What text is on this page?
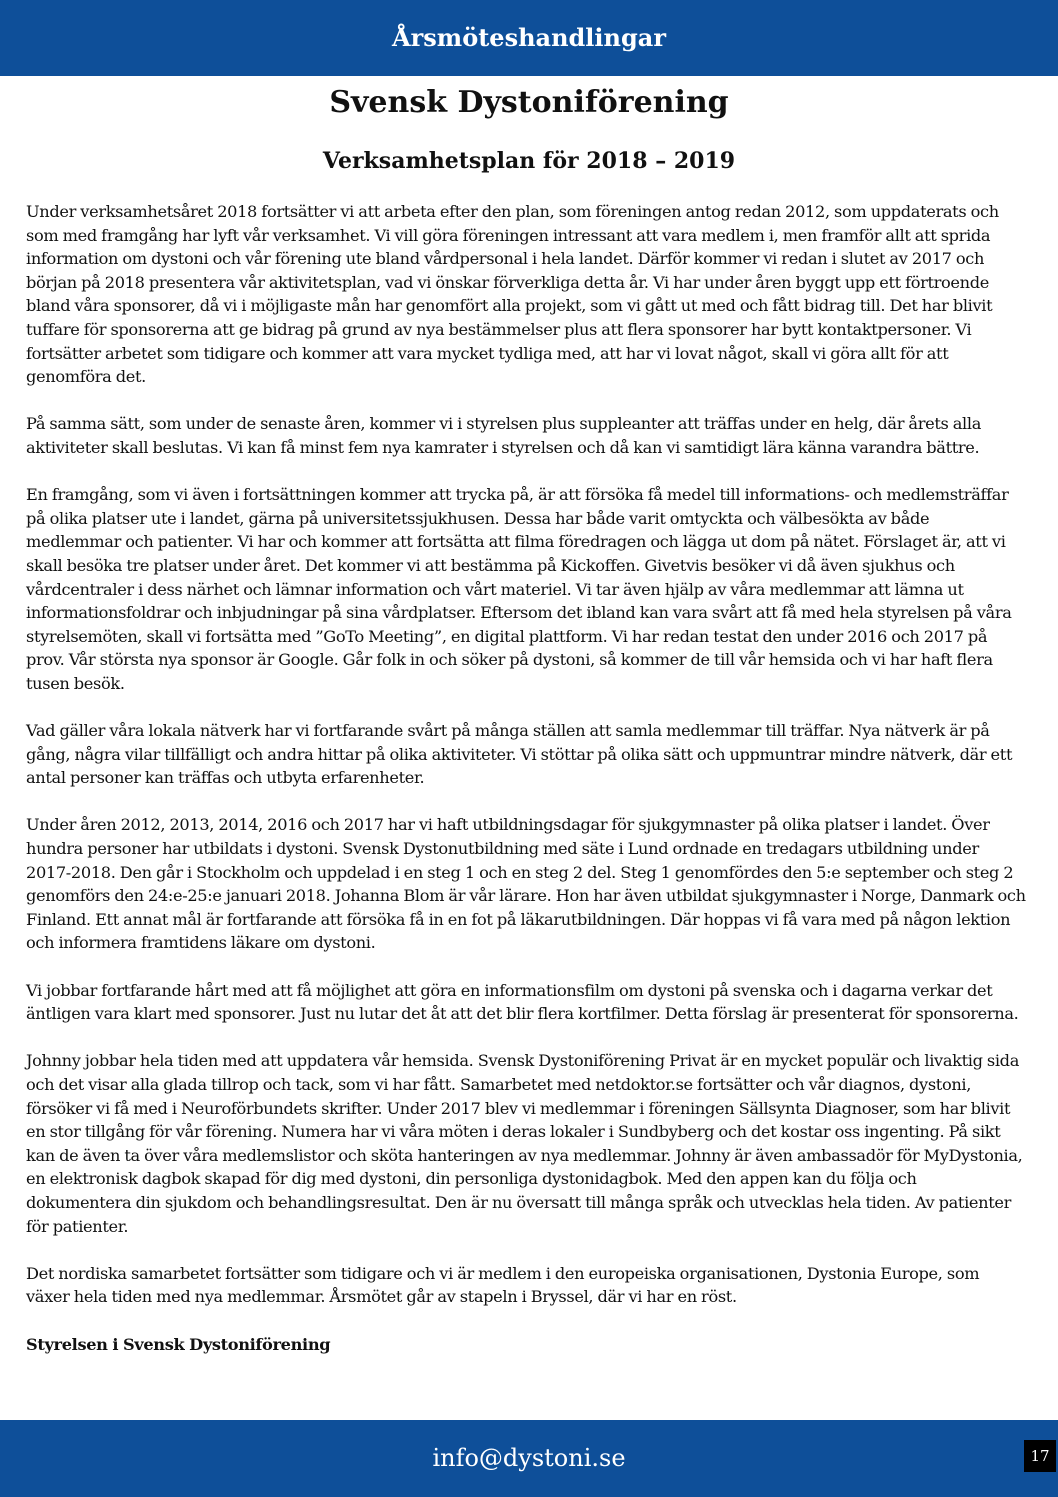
Årsmöteshandlingar
Svensk Dystoniförening
Verksamhetsplan för 2018 – 2019

Under verksamhetsåret 2018 fortsätter vi att arbeta efter den plan, som föreningen antog redan 2012, som uppdaterats och som med framgång har lyft vår verksamhet. Vi vill göra föreningen intressant att vara medlem i, men framför allt att sprida information om dystoni och vår förening ute bland vårdpersonal i hela landet. Därför kommer vi redan i slutet av 2017 och början på 2018 presentera vår aktivitetsplan, vad vi önskar förverkliga detta år. Vi har under åren byggt upp ett förtroende bland våra sponsorer, då vi i möjligaste mån har genomfört alla projekt, som vi gått ut med och fått bidrag till. Det har blivit tuffare för sponsorerna att ge bidrag på grund av nya bestämmelser plus att flera sponsorer har bytt kontaktpersoner. Vi fortsätter arbetet som tidigare och kommer att vara mycket tydliga med, att har vi lovat något, skall vi göra allt för att genomföra det.

På samma sätt, som under de senaste åren, kommer vi i styrelsen plus suppleanter att träffas under en helg, där årets alla aktiviteter skall beslutas. Vi kan få minst fem nya kamrater i styrelsen och då kan vi samtidigt lära känna varandra bättre.

En framgång, som vi även i fortsättningen kommer att trycka på, är att försöka få medel till informations- och medlemsträffar på olika platser ute i landet, gärna på universitetssjukhusen. Dessa har både varit omtyckta och välbesökta av både medlemmar och patienter. Vi har och kommer att fortsätta att filma föredragen och lägga ut dom på nätet. Förslaget är, att vi skall besöka tre platser under året. Det kommer vi att bestämma på Kickoffen. Givetvis besöker vi då även sjukhus och vårdcentraler i dess närhet och lämnar information och vårt materiel. Vi tar även hjälp av våra medlemmar att lämna ut informationsfoldrar och inbjudningar på sina vårdplatser. Eftersom det ibland kan vara svårt att få med hela styrelsen på våra styrelsemöten, skall vi fortsätta med ”GoTo Meeting”, en digital plattform. Vi har redan testat den under 2016 och 2017 på prov. Vår största nya sponsor är Google. Går folk in och söker på dystoni, så kommer de till vår hemsida och vi har haft flera tusen besök.

Vad gäller våra lokala nätverk har vi fortfarande svårt på många ställen att samla medlemmar till träffar. Nya nätverk är på gång, några vilar tillfälligt och andra hittar på olika aktiviteter. Vi stöttar på olika sätt och uppmuntrar mindre nätverk, där ett antal personer kan träffas och utbyta erfarenheter.

Under åren 2012, 2013, 2014, 2016 och 2017 har vi haft utbildningsdagar för sjukgymnaster på olika platser i landet. Över hundra personer har utbildats i dystoni. Svensk Dystonutbildning med säte i Lund ordnade en tredagars utbildning under 2017-2018. Den går i Stockholm och uppdelad i en steg 1 och en steg 2 del. Steg 1 genomfördes den 5:e september och steg 2 genomförs den 24:e-25:e januari 2018. Johanna Blom är vår lärare. Hon har även utbildat sjukgymnaster i Norge, Danmark och Finland. Ett annat mål är fortfarande att försöka få in en fot på läkarutbildningen. Där hoppas vi få vara med på någon lektion och informera framtidens läkare om dystoni.

Vi jobbar fortfarande hårt med att få möjlighet att göra en informationsfilm om dystoni på svenska och i dagarna verkar det äntligen vara klart med sponsorer. Just nu lutar det åt att det blir flera kortfilmer. Detta förslag är presenterat för sponsorerna.

Johnny jobbar hela tiden med att uppdatera vår hemsida. Svensk Dystoniförening Privat är en mycket populär och livaktig sida och det visar alla glada tillrop och tack, som vi har fått. Samarbetet med netdoktor.se fortsätter och vår diagnos, dystoni, försöker vi få med i Neuroförbundets skrifter. Under 2017 blev vi medlemmar i föreningen Sällsynta Diagnoser, som har blivit en stor tillgång för vår förening. Numera har vi våra möten i deras lokaler i Sundbyberg och det kostar oss ingenting. På sikt kan de även ta över våra medlemslistor och sköta hanteringen av nya medlemmar. Johnny är även ambassadör för MyDystonia, en elektronisk dagbok skapad för dig med dystoni, din personliga dystonidagbok. Med den appen kan du följa och dokumentera din sjukdom och behandlingsresultat. Den är nu översatt till många språk och utvecklas hela tiden. Av patienter för patienter.

Det nordiska samarbetet fortsätter som tidigare och vi är medlem i den europeiska organisationen, Dystonia Europe, som växer hela tiden med nya medlemmar. Årsmötet går av stapeln i Bryssel, där vi har en röst.

Styrelsen i Svensk Dystoniförening

info@dystoni.se	17
